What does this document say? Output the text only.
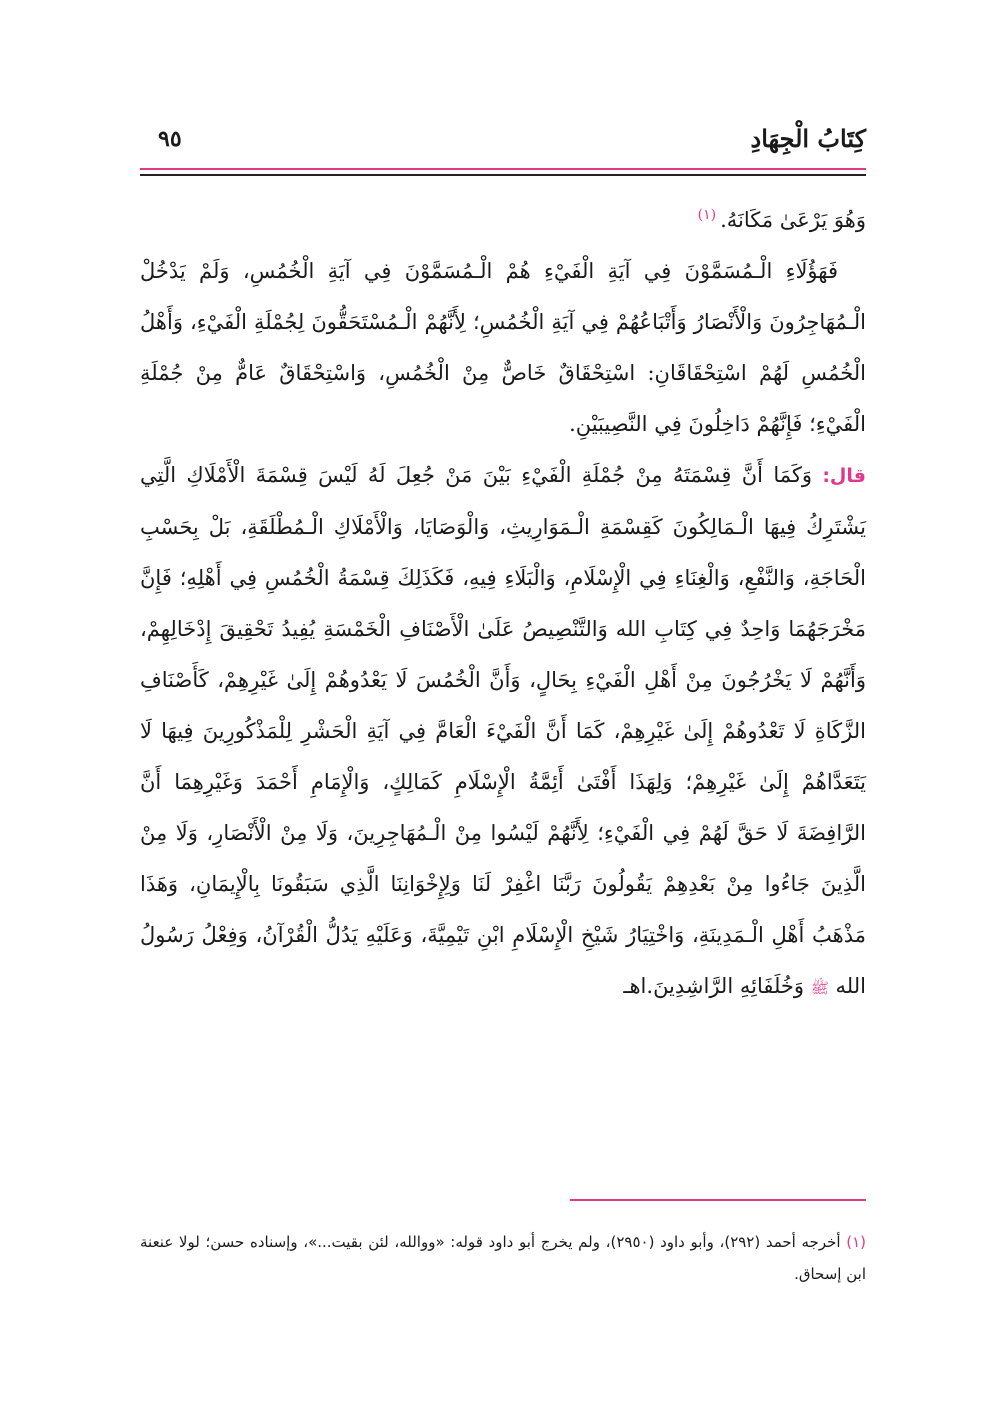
كِتَابُ الْجِهَادِ
٩٥

وَهُوَ يَرْعَىٰ مَكَانَهُ.$^{(١)}$

فَهَؤُلَاءِ الْـمُسَمَّوْنَ فِي آيَةِ الْفَيْءِ هُمْ الْـمُسَمَّوْنَ فِي آيَةِ الْخُمُسِ، وَلَمْ يَدْخُلْ الْـمُهَاجِرُونَ وَالْأَنْصَارُ وَأَتْبَاعُهُمْ فِي آيَةِ الْخُمُسِ؛ لِأَنَّهُمْ الْـمُسْتَحَقُّونَ لِجُمْلَةِ الْفَيْءِ، وَأَهْلُ الْخُمُسِ لَهُمْ اسْتِحْقَاقَانِ: اسْتِحْقَاقٌ خَاصٌّ مِنْ الْخُمُسِ، وَاسْتِحْقَاقٌ عَامٌّ مِنْ جُمْلَةِ الْفَيْءِ؛ فَإِنَّهُمْ دَاخِلُونَ فِي النَّصِيبَيْنِ.

قال: وَكَمَا أَنَّ قِسْمَتَهُ مِنْ جُمْلَةِ الْفَيْءِ بَيْنَ مَنْ جُعِلَ لَهُ لَيْسَ قِسْمَةَ الْأَمْلَاكِ الَّتِي يَشْتَرِكُ فِيهَا الْـمَالِكُونَ كَقِسْمَةِ الْـمَوَارِيثِ، وَالْوَصَايَا، وَالْأَمْلَاكِ الْـمُطْلَقَةِ، بَلْ بِحَسْبِ الْحَاجَةِ، وَالنَّفْعِ، وَالْغِنَاءِ فِي الْإِسْلَامِ، وَالْبَلَاءِ فِيهِ، فَكَذَلِكَ قِسْمَةُ الْخُمُسِ فِي أَهْلِهِ؛ فَإِنَّ مَخْرَجَهُمَا وَاحِدٌ فِي كِتَابِ الله وَالتَّنْصِيصُ عَلَىٰ الْأَصْنَافِ الْخَمْسَةِ يُفِيدُ تَحْقِيقَ إِدْخَالِهِمْ، وَأَنَّهُمْ لَا يَخْرُجُونَ مِنْ أَهْلِ الْفَيْءِ بِحَالٍ، وَأَنَّ الْخُمُسَ لَا يَعْدُوهُمْ إِلَىٰ غَيْرِهِمْ، كَأَصْنَافِ الزَّكَاةِ لَا تَعْدُوهُمْ إِلَىٰ غَيْرِهِمْ، كَمَا أَنَّ الْفَيْءَ الْعَامَّ فِي آيَةِ الْحَشْرِ لِلْمَذْكُورِينَ فِيهَا لَا يَتَعَدَّاهُمْ إِلَىٰ غَيْرِهِمْ؛ وَلِهَذَا أَفْتَىٰ أَئِمَّةُ الْإِسْلَامِ كَمَالِكٍ، وَالْإِمَامِ أَحْمَدَ وَغَيْرِهِمَا أَنَّ الرَّافِضَةَ لَا حَقَّ لَهُمْ فِي الْفَيْءِ؛ لِأَنَّهُمْ لَيْسُوا مِنْ الْـمُهَاجِرِينَ، وَلَا مِنْ الْأَنْصَارِ، وَلَا مِنْ الَّذِينَ جَاءُوا مِنْ بَعْدِهِمْ يَقُولُونَ رَبَّنَا اغْفِرْ لَنَا وَلِإِخْوَانِنَا الَّذِي سَبَقُونَا بِالْإِيمَانِ، وَهَذَا مَذْهَبُ أَهْلِ الْـمَدِينَةِ، وَاخْتِيَارُ شَيْخِ الْإِسْلَامِ ابْنِ تَيْمِيَّةَ، وَعَلَيْهِ يَدُلُّ الْقُرْآنُ، وَفِعْلُ رَسُولُ الله ﷺ وَخُلَفَائِهِ الرَّاشِدِينَ.اهـ

(١) أخرجه أحمد (٢٩٢)، وأبو داود (٢٩٥٠)، ولم يخرج أبو داود قوله: «ووالله، لئن بقيت...»، وإسناده حسن؛ لولا عنعنة ابن إسحاق.
